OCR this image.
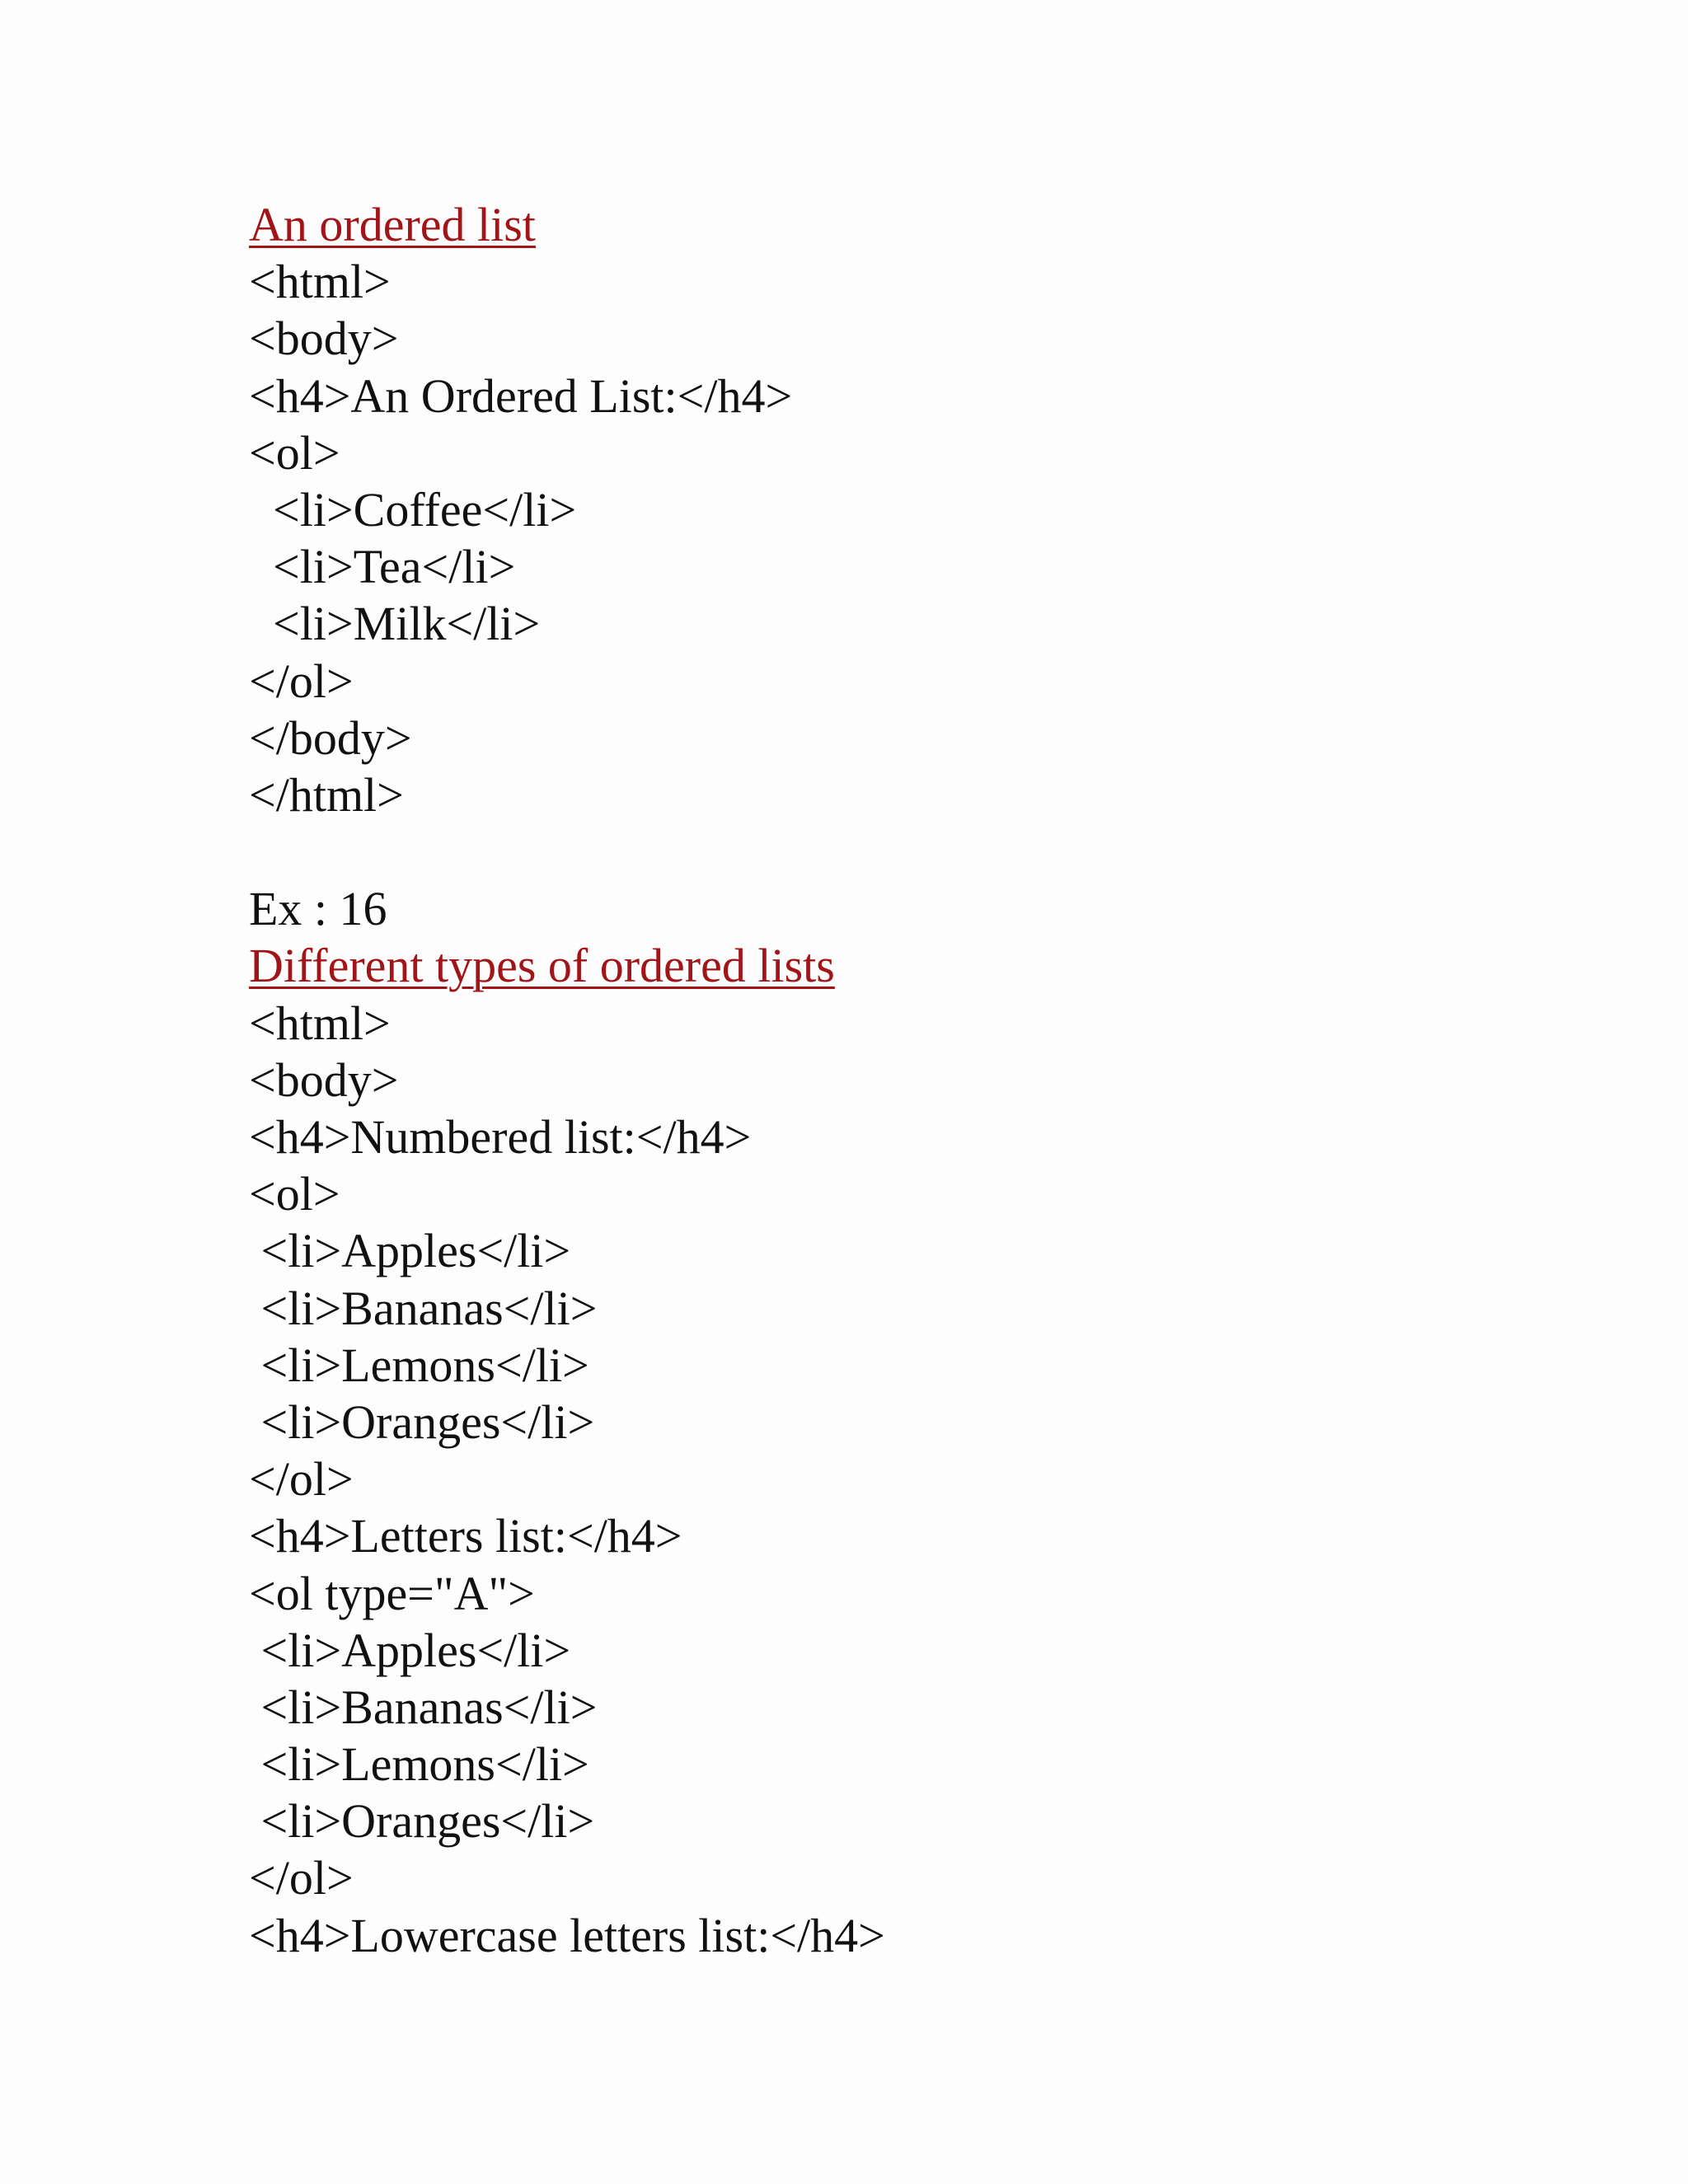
An ordered list
<html>
<body>
<h4>An Ordered List:</h4>
<ol>
<li>Coffee</li>
<li>Tea</li>
<li>Milk</li>
</ol>
</body>
</html>
Ex : 16
Different types of ordered lists
<html>
<body>
<h4>Numbered list:</h4>
<ol>
<li>Apples</li>
<li>Bananas</li>
<li>Lemons</li>
<li>Oranges</li>
</ol>
<h4>Letters list:</h4>
<ol type="A">
<li>Apples</li>
<li>Bananas</li>
<li>Lemons</li>
<li>Oranges</li>
</ol>
<h4>Lowercase letters list:</h4>
